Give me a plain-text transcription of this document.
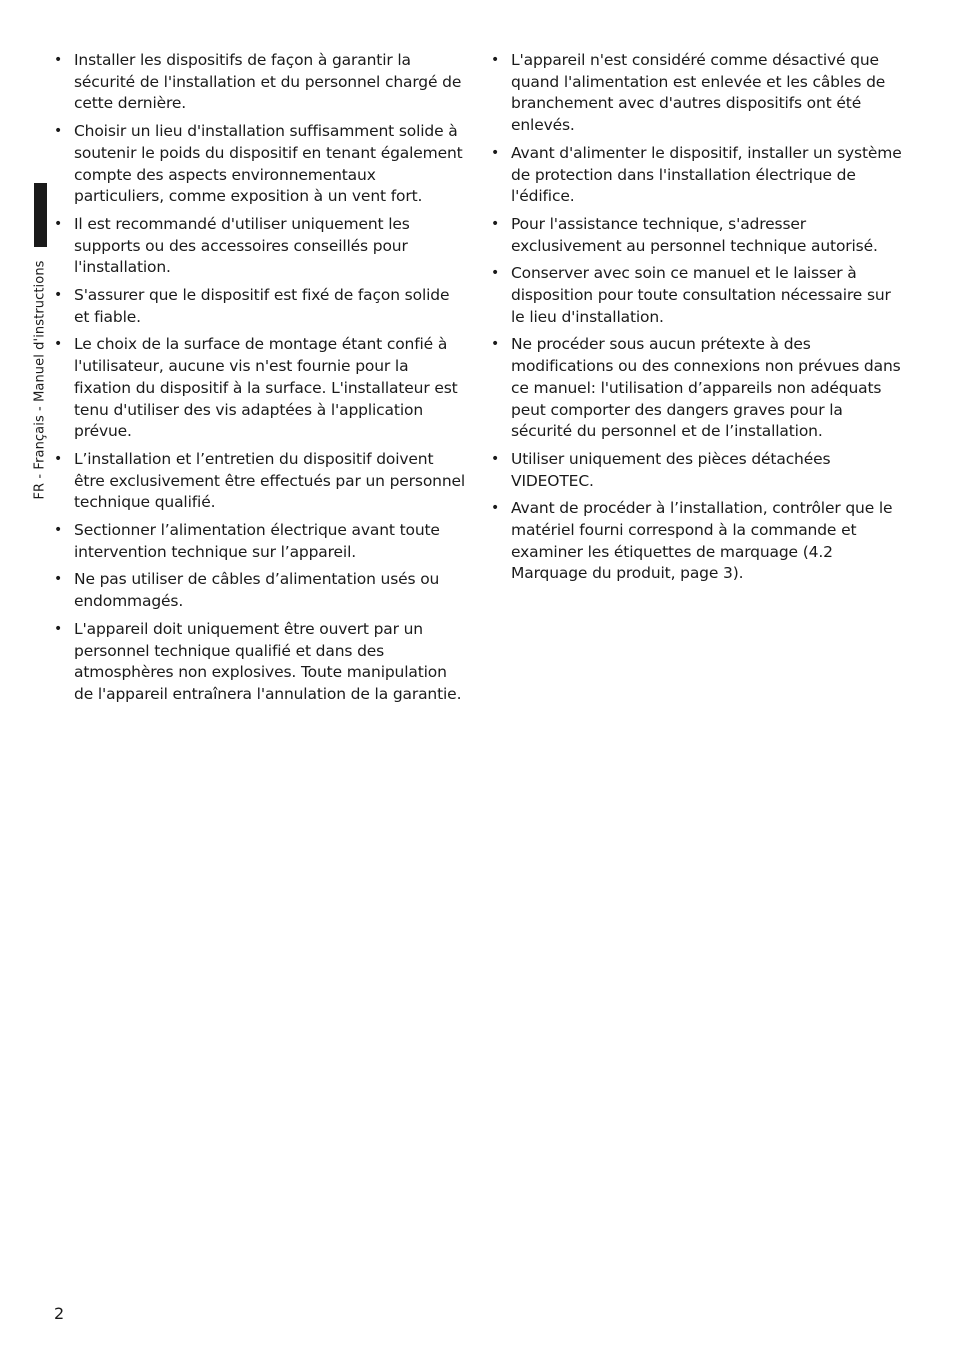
FR - Français - Manuel d'instructions
• Installer les dispositifs de façon à garantir la sécurité de l'installation et du personnel chargé de cette dernière.
• Choisir un lieu d'installation suffisamment solide à soutenir le poids du dispositif en tenant également compte des aspects environnementaux particuliers, comme exposition à un vent fort.
• Il est recommandé d'utiliser uniquement les supports ou des accessoires conseillés pour l'installation.
• S'assurer que le dispositif est fixé de façon solide et fiable.
• Le choix de la surface de montage étant confié à l'utilisateur, aucune vis n'est fournie pour la fixation du dispositif à la surface. L'installateur est tenu d'utiliser des vis adaptées à l'application prévue.
• L’installation et l’entretien du dispositif doivent être exclusivement être effectués par un personnel technique qualifié.
• Sectionner l’alimentation électrique avant toute intervention technique sur l’appareil.
• Ne pas utiliser de câbles d’alimentation usés ou endommagés.
• L'appareil doit uniquement être ouvert par un personnel technique qualifié et dans des atmosphères non explosives. Toute manipulation de l'appareil entraînera l'annulation de la garantie.
• L'appareil n'est considéré comme désactivé que quand l'alimentation est enlevée et les câbles de branchement avec d'autres dispositifs ont été enlevés.
• Avant d'alimenter le dispositif, installer un système de protection dans l'installation électrique de l'édifice.
• Pour l'assistance technique, s'adresser exclusivement au personnel technique autorisé.
• Conserver avec soin ce manuel et le laisser à disposition pour toute consultation nécessaire sur le lieu d'installation.
• Ne procéder sous aucun prétexte à des modifications ou des connexions non prévues dans ce manuel: l'utilisation d’appareils non adéquats peut comporter des dangers graves pour la sécurité du personnel et de l’installation.
• Utiliser uniquement des pièces détachées VIDEOTEC.
• Avant de procéder à l’installation, contrôler que le matériel fourni correspond à la commande et examiner les étiquettes de marquage (4.2 Marquage du produit, page 3).
2
